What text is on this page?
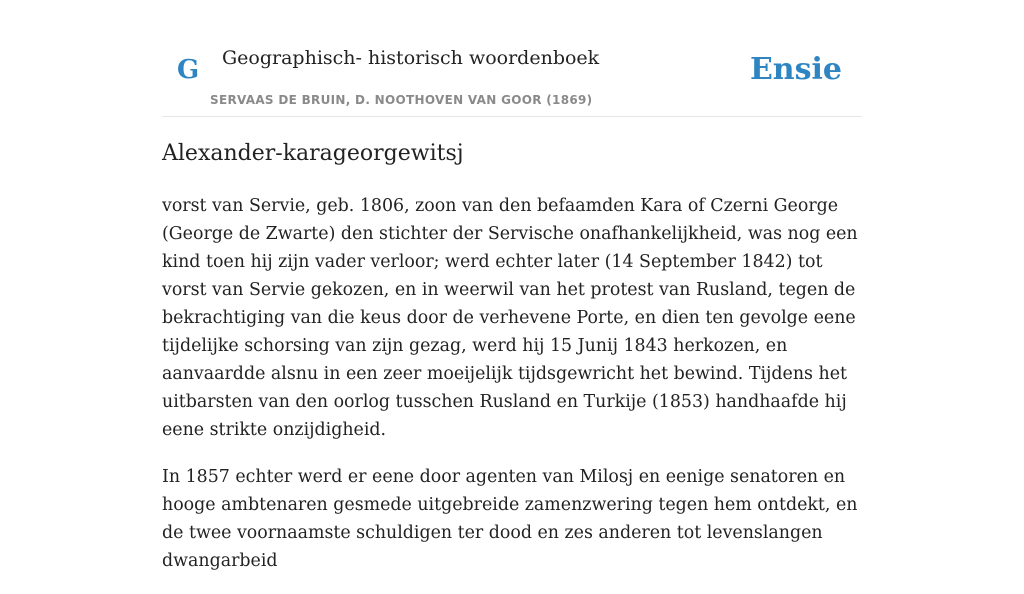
G Geographisch- historisch woordenboek
SERVAAS DE BRUIN, D. NOOTHOVEN VAN GOOR (1869)
Ensie
Alexander-karageorgewitsj

vorst van Servie, geb. 1806, zoon van den befaamden Kara of Czerni George (George de Zwarte) den stichter der Servische onafhankelijkheid, was nog een kind toen hij zijn vader verloor; werd echter later (14 September 1842) tot vorst van Servie gekozen, en in weerwil van het protest van Rusland, tegen de bekrachtiging van die keus door de verhevene Porte, en dien ten gevolge eene tijdelijke schorsing van zijn gezag, werd hij 15 Junij 1843 herkozen, en aanvaardde alsnu in een zeer moeijelijk tijdsgewricht het bewind. Tijdens het uitbarsten van den oorlog tusschen Rusland en Turkije (1853) handhaafde hij eene strikte onzijdigheid.

In 1857 echter werd er eene door agenten van Milosj en eenige senatoren en hooge ambtenaren gesmede uitgebreide zamenzwering tegen hem ontdekt, en de twee voornaamste schuldigen ter dood en zes anderen tot levenslangen dwangarbeid
